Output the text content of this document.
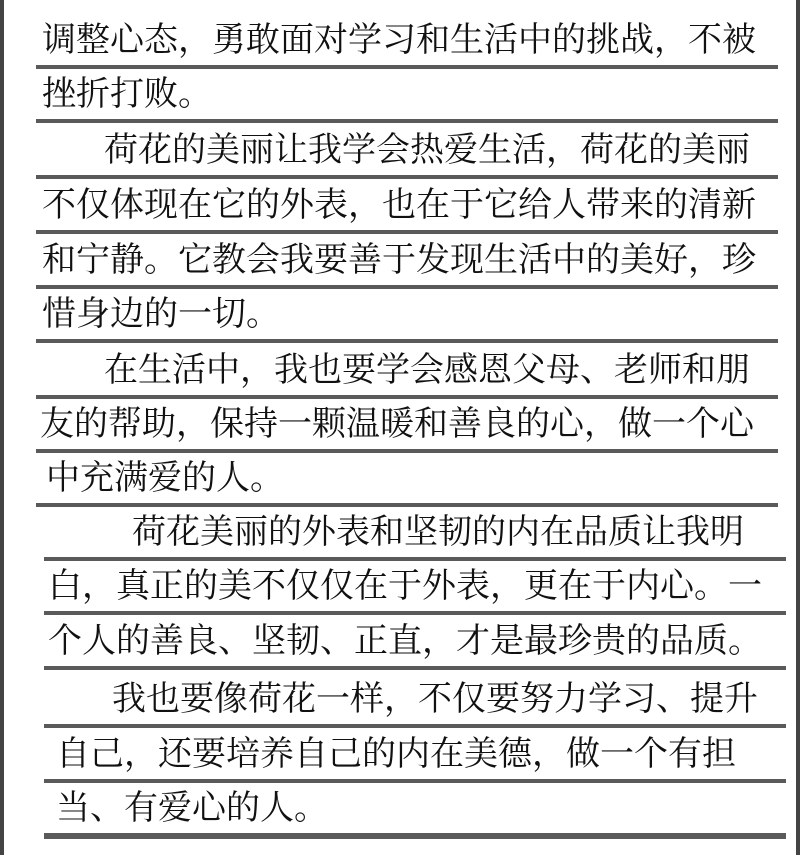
调整心态，勇敢面对学习和生活中的挑战，不被
挫折打败。
荷花的美丽让我学会热爱生活，荷花的美丽
不仅体现在它的外表，也在于它给人带来的清新
和宁静。它教会我要善于发现生活中的美好，珍
惜身边的一切。
在生活中，我也要学会感恩父母、老师和朋
友的帮助，保持一颗温暖和善良的心，做一个心
中充满爱的人。
荷花美丽的外表和坚韧的内在品质让我明
白，真正的美不仅仅在于外表，更在于内心。一
个人的善良、坚韧、正直，才是最珍贵的品质。
我也要像荷花一样，不仅要努力学习、提升
自己，还要培养自己的内在美德，做一个有担
当、有爱心的人。
